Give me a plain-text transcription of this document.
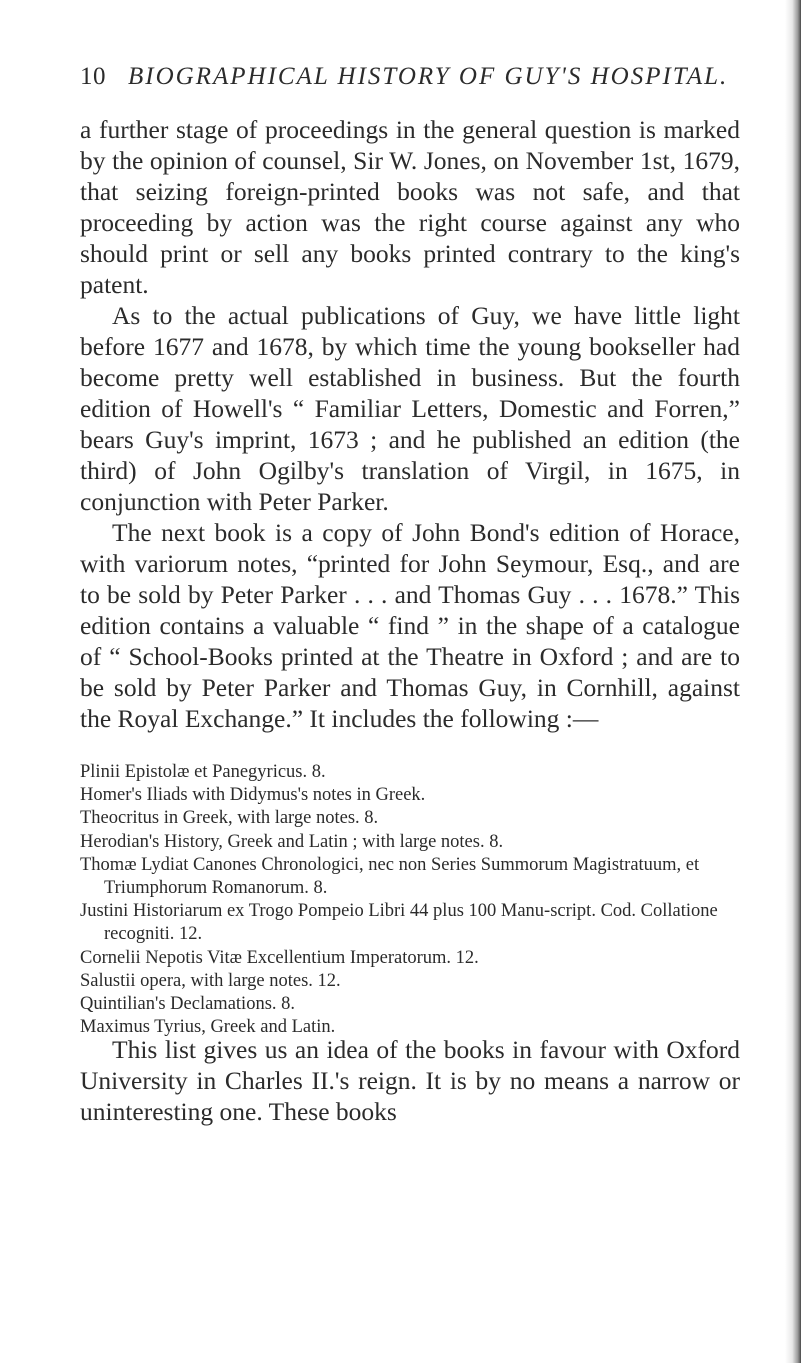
10 BIOGRAPHICAL HISTORY OF GUY'S HOSPITAL.

a further stage of proceedings in the general question is marked by the opinion of counsel, Sir W. Jones, on November 1st, 1679, that seizing foreign-printed books was not safe, and that proceeding by action was the right course against any who should print or sell any books printed contrary to the king's patent.

As to the actual publications of Guy, we have little light before 1677 and 1678, by which time the young bookseller had become pretty well established in business. But the fourth edition of Howell's “ Familiar Letters, Domestic and Forren,” bears Guy's imprint, 1673 ; and he published an edition (the third) of John Ogilby's translation of Virgil, in 1675, in conjunction with Peter Parker.

The next book is a copy of John Bond's edition of Horace, with variorum notes, “printed for John Seymour, Esq., and are to be sold by Peter Parker . . . and Thomas Guy . . . 1678.” This edition contains a valuable “ find ” in the shape of a catalogue of “ School-Books printed at the Theatre in Oxford ; and are to be sold by Peter Parker and Thomas Guy, in Cornhill, against the Royal Exchange.” It includes the following :—

Plinii Epistolæ et Panegyricus. 8.
Homer's Iliads with Didymus's notes in Greek.
Theocritus in Greek, with large notes. 8.
Herodian's History, Greek and Latin ; with large notes. 8.
Thomæ Lydiat Canones Chronologici, nec non Series Summorum Magistratuum, et Triumphorum Romanorum. 8.
Justini Historiarum ex Trogo Pompeio Libri 44 plus 100 Manu-script. Cod. Collatione recogniti. 12.
Cornelii Nepotis Vitæ Excellentium Imperatorum. 12.
Salustii opera, with large notes. 12.
Quintilian's Declamations. 8.
Maximus Tyrius, Greek and Latin.

This list gives us an idea of the books in favour with Oxford University in Charles II.'s reign. It is by no means a narrow or uninteresting one. These books
